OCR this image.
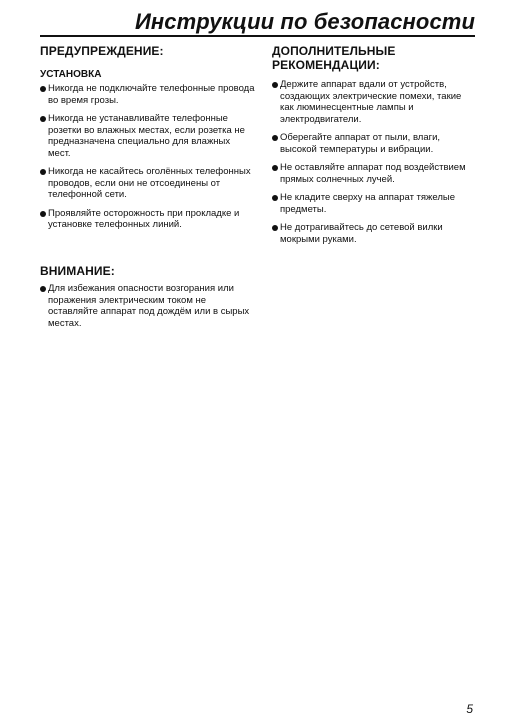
Инструкции по безопасности
ПРЕДУПРЕЖДЕНИЕ:
УСТАНОВКА
Никогда не подключайте телефонные провода во время грозы.
Никогда не устанавливайте телефонные розетки во влажных местах, если розетка не предназначена специально для влажных мест.
Никогда не касайтесь оголённых телефонных проводов, если они не отсоединены от телефонной сети.
Проявляйте осторожность при прокладке и установке телефонных линий.
ВНИМАНИЕ:
Для избежания опасности возгорания или поражения электрическим током не оставляйте аппарат под дождём или в сырых местах.
ДОПОЛНИТЕЛЬНЫЕ РЕКОМЕНДАЦИИ:
Держите аппарат вдали от устройств, создающих электрические помехи, такие как люминесцентные лампы и электродвигатели.
Оберегайте аппарат от пыли, влаги, высокой температуры и вибрации.
Не оставляйте аппарат под воздействием прямых солнечных лучей.
Не кладите сверху на аппарат тяжелые предметы.
Не дотрагивайтесь до сетевой вилки мокрыми руками.
5
